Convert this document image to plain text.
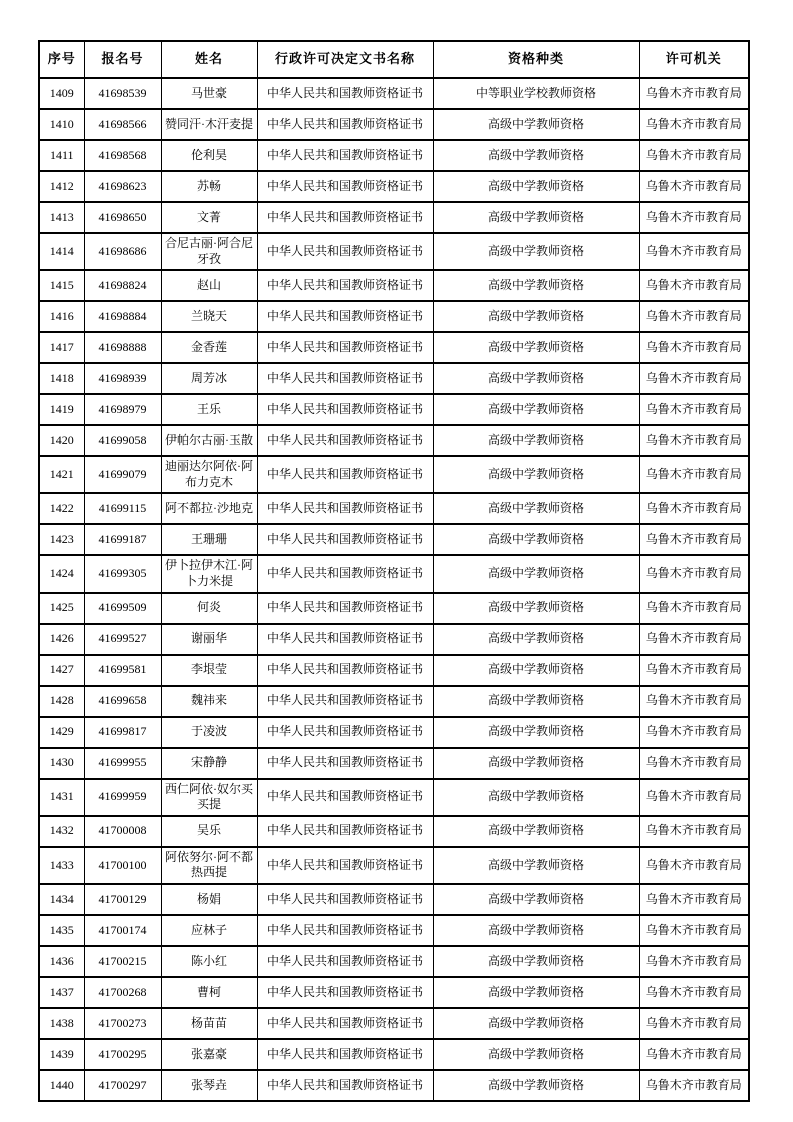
序号	报名号	姓名	行政许可决定文书名称	资格种类	许可机关
1409	41698539	马世豪	中华人民共和国教师资格证书	中等职业学校教师资格	乌鲁木齐市教育局
1410	41698566	赞同汗·木汗麦提	中华人民共和国教师资格证书	高级中学教师资格	乌鲁木齐市教育局
1411	41698568	伦利昊	中华人民共和国教师资格证书	高级中学教师资格	乌鲁木齐市教育局
1412	41698623	苏畅	中华人民共和国教师资格证书	高级中学教师资格	乌鲁木齐市教育局
1413	41698650	文菁	中华人民共和国教师资格证书	高级中学教师资格	乌鲁木齐市教育局
1414	41698686	合尼古丽·阿合尼牙孜	中华人民共和国教师资格证书	高级中学教师资格	乌鲁木齐市教育局
1415	41698824	赵山	中华人民共和国教师资格证书	高级中学教师资格	乌鲁木齐市教育局
1416	41698884	兰晓天	中华人民共和国教师资格证书	高级中学教师资格	乌鲁木齐市教育局
1417	41698888	金香莲	中华人民共和国教师资格证书	高级中学教师资格	乌鲁木齐市教育局
1418	41698939	周芳冰	中华人民共和国教师资格证书	高级中学教师资格	乌鲁木齐市教育局
1419	41698979	王乐	中华人民共和国教师资格证书	高级中学教师资格	乌鲁木齐市教育局
1420	41699058	伊帕尔古丽·玉散	中华人民共和国教师资格证书	高级中学教师资格	乌鲁木齐市教育局
1421	41699079	迪丽达尔阿依·阿布力克木	中华人民共和国教师资格证书	高级中学教师资格	乌鲁木齐市教育局
1422	41699115	阿不都拉·沙地克	中华人民共和国教师资格证书	高级中学教师资格	乌鲁木齐市教育局
1423	41699187	王珊珊	中华人民共和国教师资格证书	高级中学教师资格	乌鲁木齐市教育局
1424	41699305	伊卜拉伊木江·阿卜力米提	中华人民共和国教师资格证书	高级中学教师资格	乌鲁木齐市教育局
1425	41699509	何炎	中华人民共和国教师资格证书	高级中学教师资格	乌鲁木齐市教育局
1426	41699527	谢丽华	中华人民共和国教师资格证书	高级中学教师资格	乌鲁木齐市教育局
1427	41699581	李垠莹	中华人民共和国教师资格证书	高级中学教师资格	乌鲁木齐市教育局
1428	41699658	魏祎来	中华人民共和国教师资格证书	高级中学教师资格	乌鲁木齐市教育局
1429	41699817	于凌波	中华人民共和国教师资格证书	高级中学教师资格	乌鲁木齐市教育局
1430	41699955	宋静静	中华人民共和国教师资格证书	高级中学教师资格	乌鲁木齐市教育局
1431	41699959	西仁阿依·奴尔买买提	中华人民共和国教师资格证书	高级中学教师资格	乌鲁木齐市教育局
1432	41700008	吴乐	中华人民共和国教师资格证书	高级中学教师资格	乌鲁木齐市教育局
1433	41700100	阿依努尔·阿不都热西提	中华人民共和国教师资格证书	高级中学教师资格	乌鲁木齐市教育局
1434	41700129	杨娟	中华人民共和国教师资格证书	高级中学教师资格	乌鲁木齐市教育局
1435	41700174	应林子	中华人民共和国教师资格证书	高级中学教师资格	乌鲁木齐市教育局
1436	41700215	陈小红	中华人民共和国教师资格证书	高级中学教师资格	乌鲁木齐市教育局
1437	41700268	曹柯	中华人民共和国教师资格证书	高级中学教师资格	乌鲁木齐市教育局
1438	41700273	杨苗苗	中华人民共和国教师资格证书	高级中学教师资格	乌鲁木齐市教育局
1439	41700295	张嘉豪	中华人民共和国教师资格证书	高级中学教师资格	乌鲁木齐市教育局
1440	41700297	张琴垚	中华人民共和国教师资格证书	高级中学教师资格	乌鲁木齐市教育局
